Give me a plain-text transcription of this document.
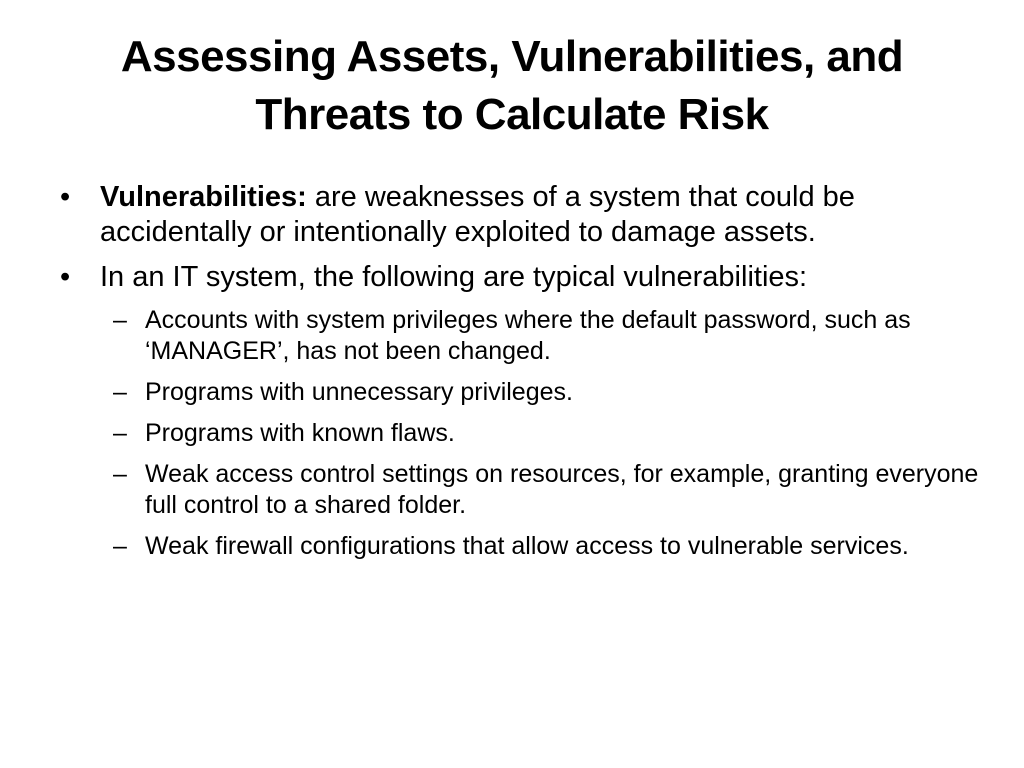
Assessing Assets, Vulnerabilities, and
Threats to Calculate Risk
• Vulnerabilities: are weaknesses of a system that could be accidentally or intentionally exploited to damage assets.
• In an IT system, the following are typical vulnerabilities:
– Accounts with system privileges where the default password, such as ‘MANAGER’, has not been changed.
– Programs with unnecessary privileges.
– Programs with known flaws.
– Weak access control settings on resources, for example, granting everyone full control to a shared folder.
– Weak firewall configurations that allow access to vulnerable services.
